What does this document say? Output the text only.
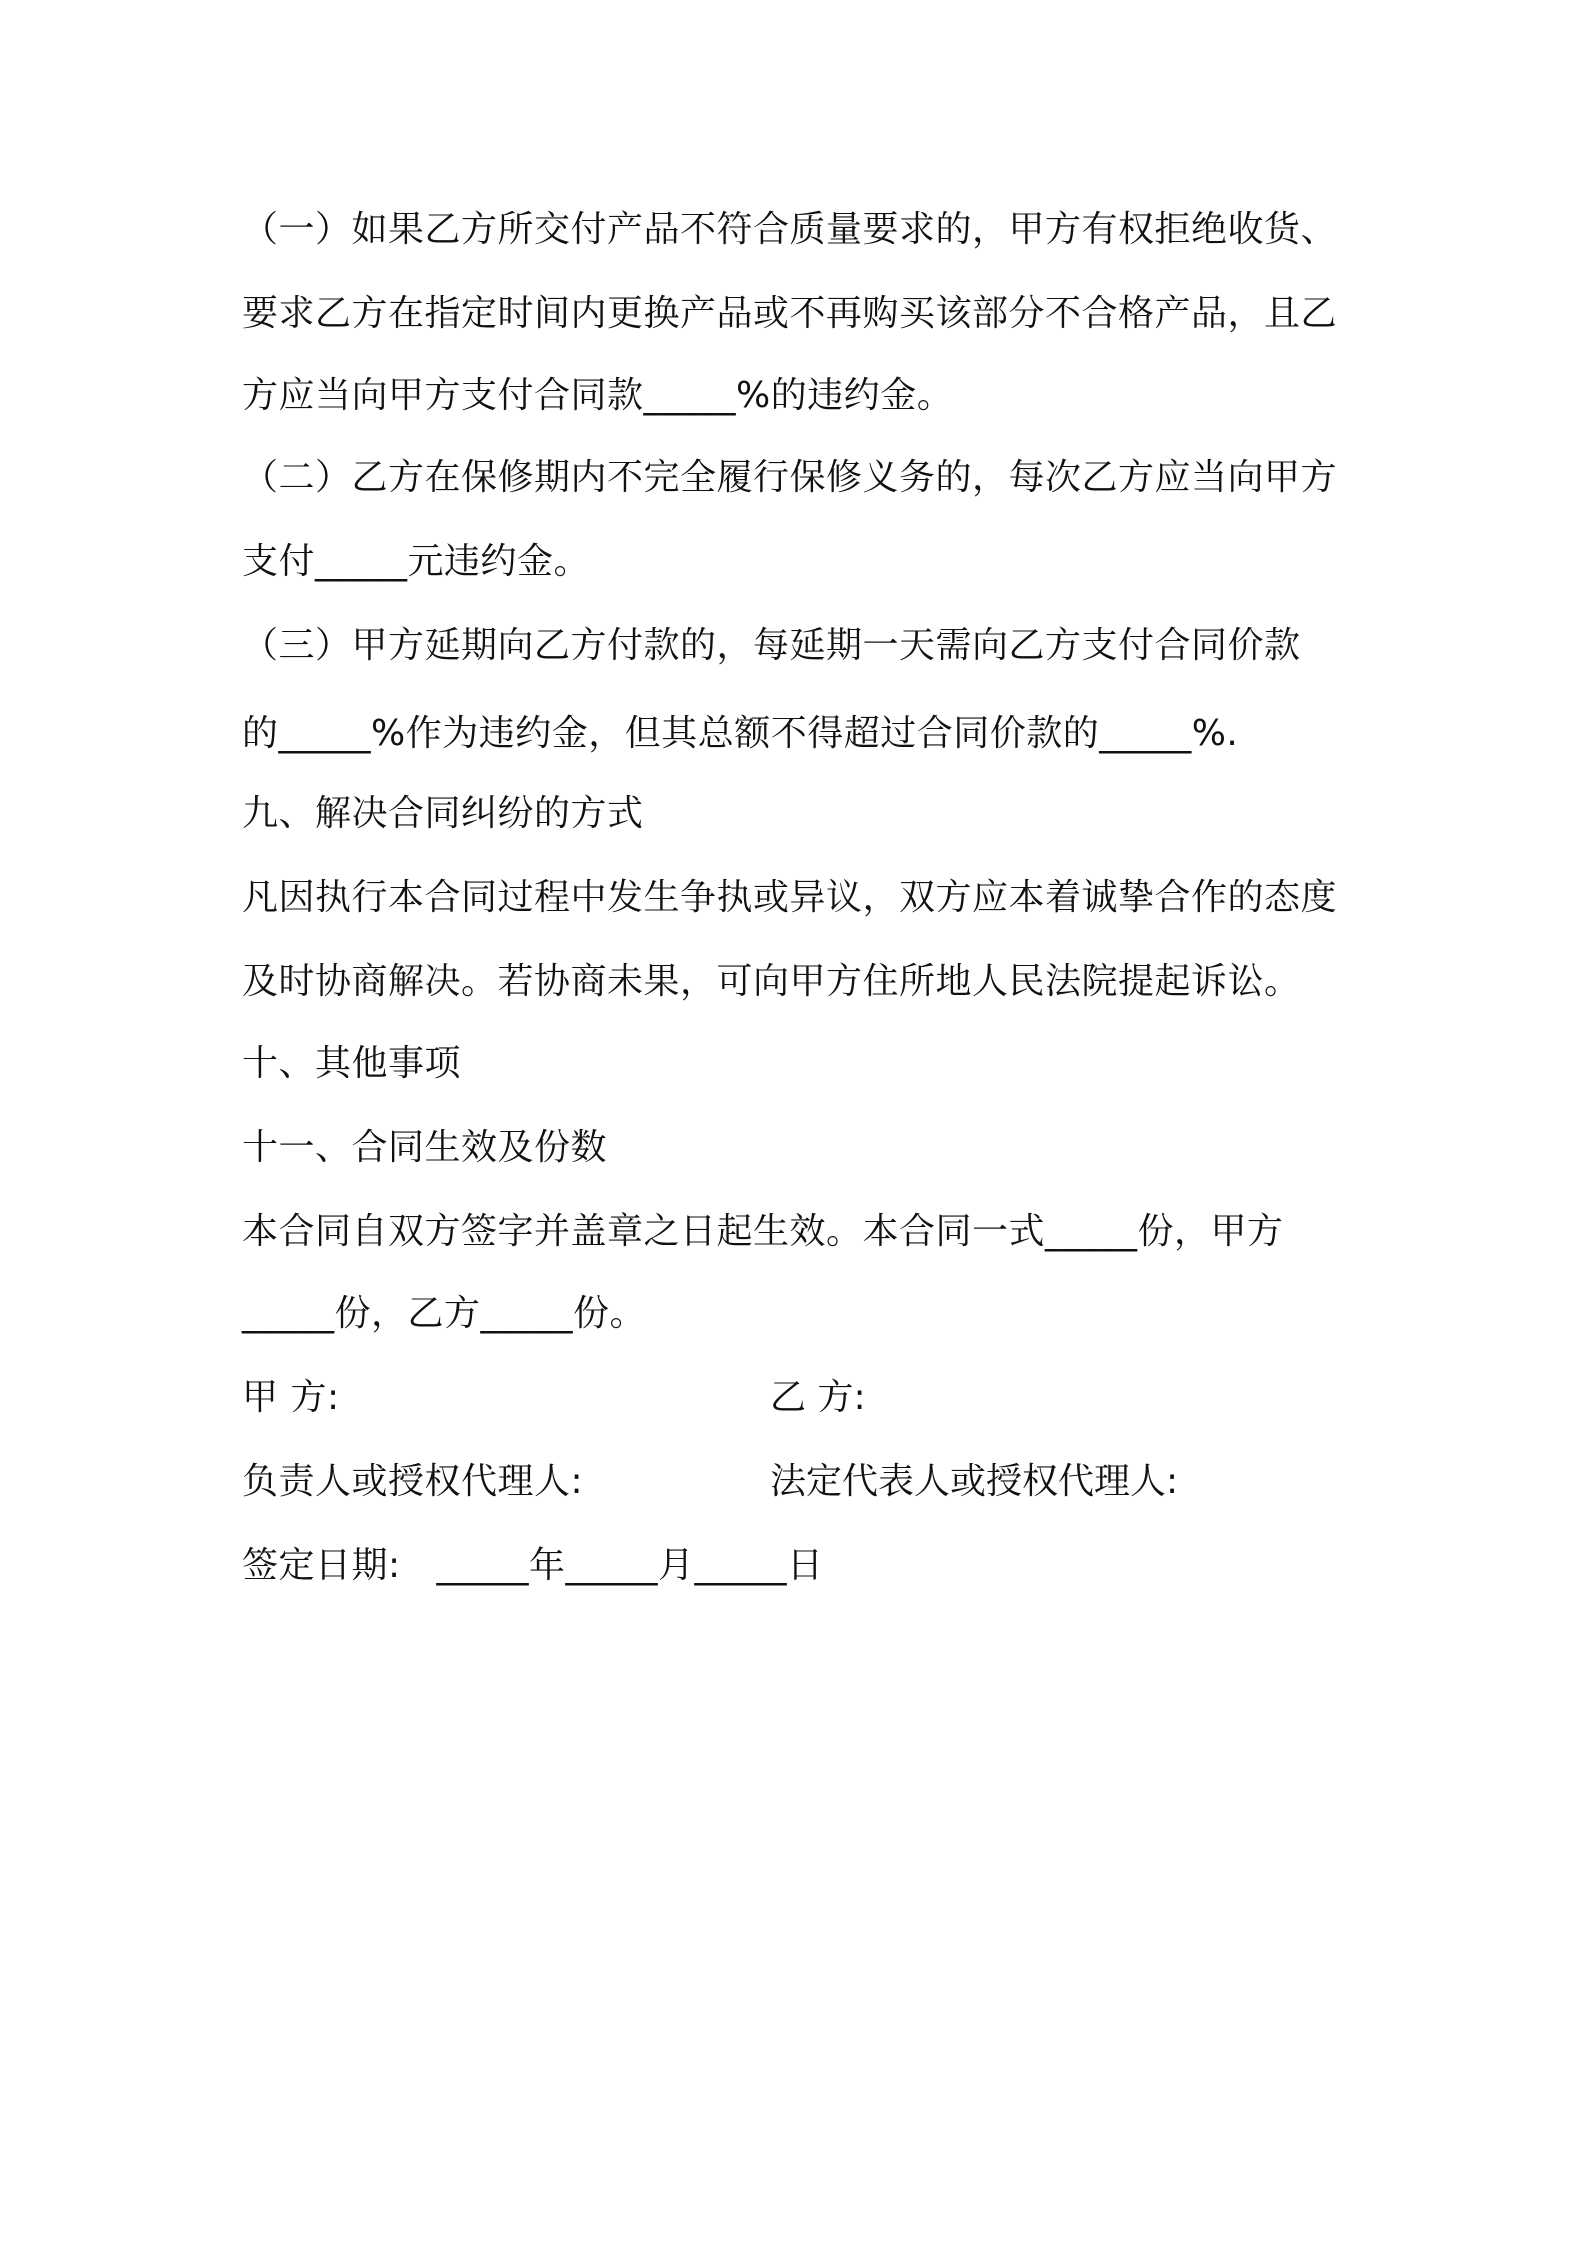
（一）如果乙方所交付产品不符合质量要求的，甲方有权拒绝收货、
要求乙方在指定时间内更换产品或不再购买该部分不合格产品，且乙
方应当向甲方支付合同款_____%的违约金。
（二）乙方在保修期内不完全履行保修义务的，每次乙方应当向甲方
支付_____元违约金。
（三）甲方延期向乙方付款的，每延期一天需向乙方支付合同价款
的_____%作为违约金，但其总额不得超过合同价款的_____%.
九、解决合同纠纷的方式
凡因执行本合同过程中发生争执或异议，双方应本着诚挚合作的态度
及时协商解决。若协商未果，可向甲方住所地人民法院提起诉讼。
十、其他事项
十一、合同生效及份数
本合同自双方签字并盖章之日起生效。本合同一式_____份，甲方
_____份，乙方_____份。
甲 方:	乙 方:
负责人或授权代理人:	法定代表人或授权代理人:
签定日期:   _____年_____月_____日
